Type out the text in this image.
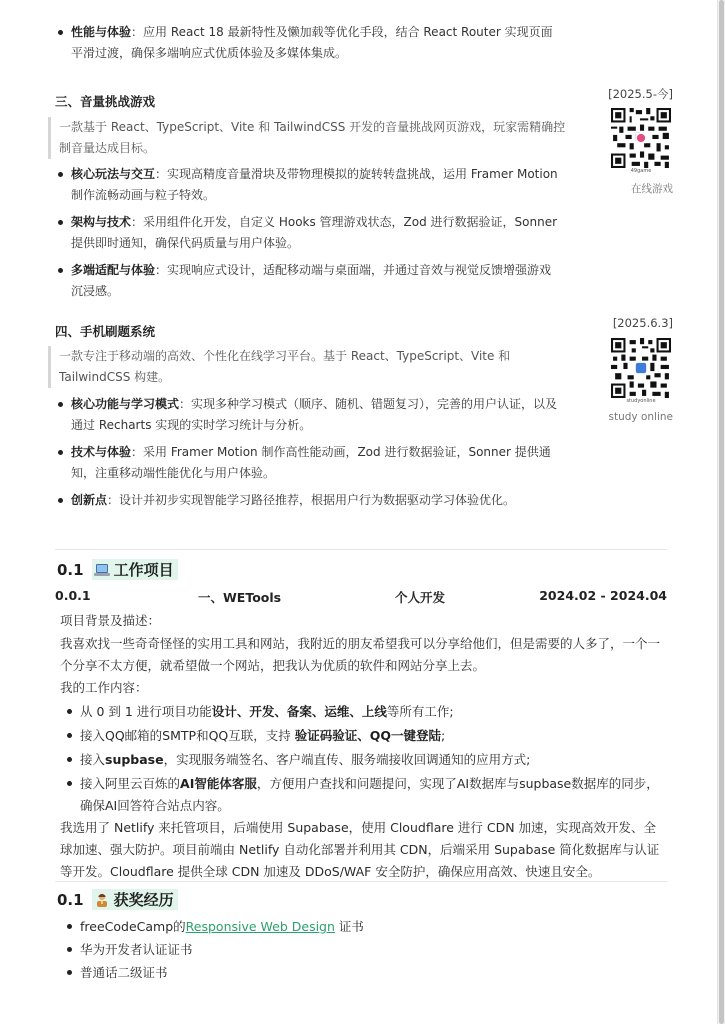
性能与体验：应用 React 18 最新特性及懒加载等优化手段，结合 React Router 实现页面平滑过渡，确保多端响应式优质体验及多媒体集成。
三、音量挑战游戏	[2025.5-今]
一款基于 React、TypeScript、Vite 和 TailwindCSS 开发的音量挑战网页游戏，玩家需精确控制音量达成目标。
49game
在线游戏
核心玩法与交互：实现高精度音量滑块及带物理模拟的旋转转盘挑战，运用 Framer Motion 制作流畅动画与粒子特效。
架构与技术：采用组件化开发，自定义 Hooks 管理游戏状态，Zod 进行数据验证，Sonner 提供即时通知，确保代码质量与用户体验。
多端适配与体验：实现响应式设计，适配移动端与桌面端，并通过音效与视觉反馈增强游戏沉浸感。
四、手机刷题系统
[2025.6.3]
一款专注于移动端的高效、个性化在线学习平台。基于 React、TypeScript、Vite 和 TailwindCSS 构建。
studyonline
study online
核心功能与学习模式：实现多种学习模式（顺序、随机、错题复习），完善的用户认证，以及通过 Recharts 实现的实时学习统计与分析。
技术与体验：采用 Framer Motion 制作高性能动画，Zod 进行数据验证，Sonner 提供通知，注重移动端性能优化与用户体验。
创新点：设计并初步实现智能学习路径推荐，根据用户行为数据驱动学习体验优化。
0.1 工作项目
0.0.1	一、WETools	个人开发	2024.02 - 2024.04
项目背景及描述：
我喜欢找一些奇奇怪怪的实用工具和网站，我附近的朋友希望我可以分享给他们，但是需要的人多了，一个一个分享不太方便，就希望做一个网站，把我认为优质的软件和网站分享上去。
我的工作内容：
从 0 到 1 进行项目功能设计、开发、备案、运维、上线等所有工作;
接入QQ邮箱的SMTP和QQ互联，支持 验证码验证、QQ一键登陆;
接入supbase，实现服务端签名、客户端直传、服务端接收回调通知的应用方式;
接入阿里云百炼的AI智能体客服，方便用户查找和问题提问，实现了AI数据库与supbase数据库的同步，确保AI回答符合站点内容。
我选用了 Netlify 来托管项目，后端使用 Supabase，使用 Cloudflare 进行 CDN 加速，实现高效开发、全球加速、强大防护。项目前端由 Netlify 自动化部署并利用其 CDN，后端采用 Supabase 简化数据库与认证等开发。Cloudflare 提供全球 CDN 加速及 DDoS/WAF 安全防护，确保应用高效、快速且安全。
0.1 获奖经历
freeCodeCamp的Responsive Web Design 证书
华为开发者认证证书
普通话二级证书
